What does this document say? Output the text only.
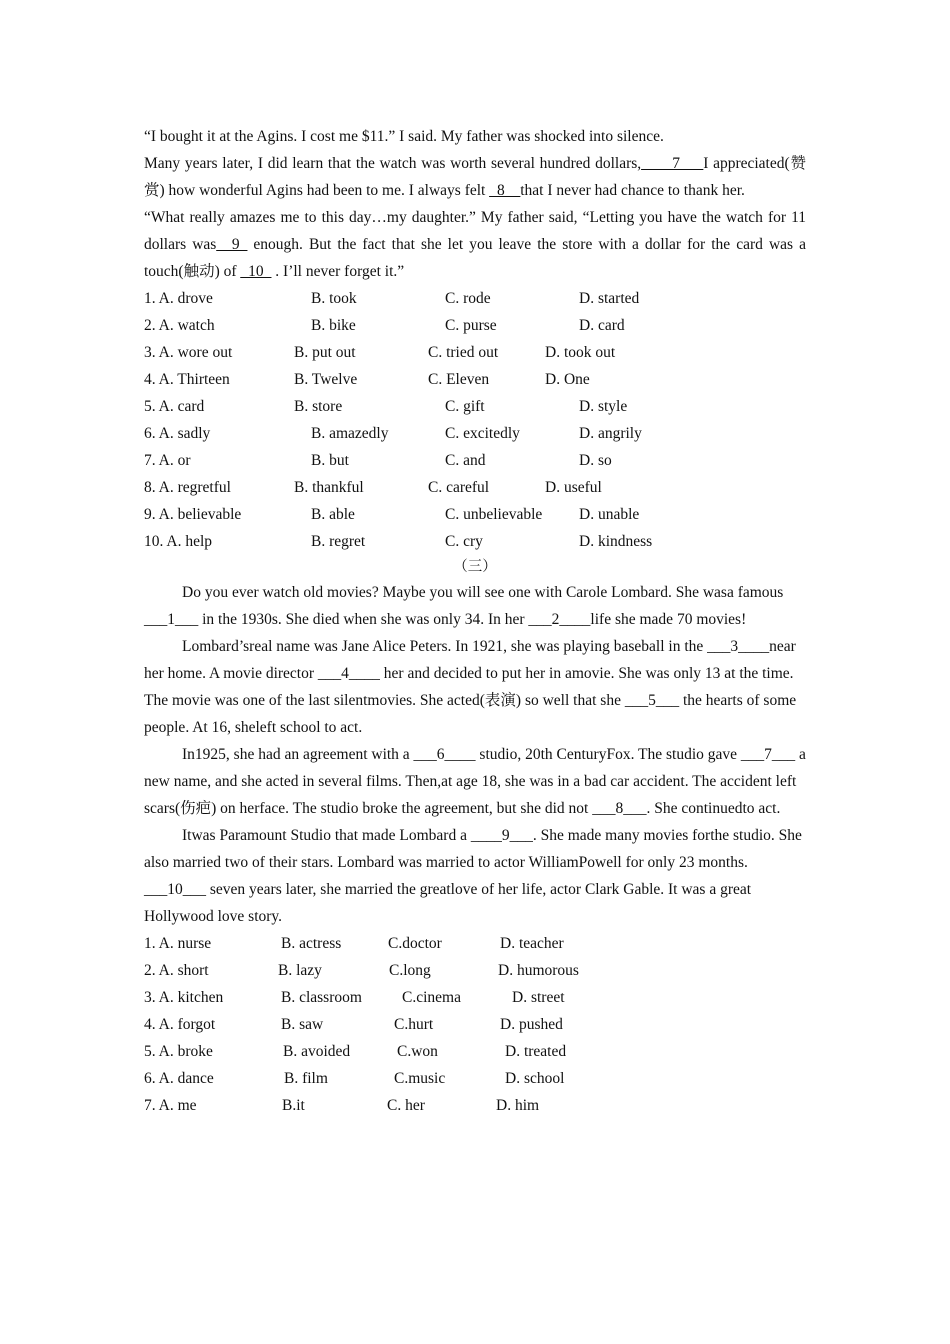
“I bought it at the Agins. I cost me $11.” I said. My father was shocked into silence.

Many years later, I did learn that the watch was worth several hundred dollars,____7___I appreciated(赞赏) how wonderful Agins had been to me. I always felt _8__that I never had chance to thank her.

“What really amazes me to this day…my daughter.” My father said, “Letting you have the watch for 11 dollars was__9_ enough. But the fact that she let you leave the store with a dollar for the card was a touch(触动) of _10_ . I’ll never forget it.”

1. A. drove	B. took	C. rode	D. started
2. A. watch	B. bike	C. purse	D. card
3. A. wore out	B. put out	C. tried out	D. took out
4. A. Thirteen	B. Twelve	C. Eleven	D. One
5. A. card	B. store	C. gift	D. style
6. A. sadly	B. amazedly	C. excitedly	D. angrily
7. A. or	B. but	C. and	D. so
8. A. regretful	B. thankful	C. careful	D. useful
9. A. believable	B. able	C. unbelievable	D. unable
10. A. help	B. regret	C. cry	D. kindness

（三）

Do you ever watch old movies? Maybe you will see one with Carole Lombard. She wasa famous ___1___ in the 1930s. She died when she was only 34. In her ___2____life she made 70 movies!

Lombard’sreal name was Jane Alice Peters. In 1921, she was playing baseball in the ___3____near her home. A movie director ___4____ her and decided to put her in amovie. She was only 13 at the time. The movie was one of the last silentmovies. She acted(表演) so well that she ___5___ the hearts of some people. At 16, sheleft school to act.

In1925, she had an agreement with a ___6____ studio, 20th CenturyFox. The studio gave ___7___ a new name, and she acted in several films. Then,at age 18, she was in a bad car accident. The accident left scars(伤疤) on herface. The studio broke the agreement, but she did not ___8___. She continuedto act.

Itwas Paramount Studio that made Lombard a ____9___. She made many movies forthe studio. She also married two of their stars. Lombard was married to actor WilliamPowell for only 23 months. ___10___ seven years later, she married the greatlove of her life, actor Clark Gable. It was a great Hollywood love story.

1. A. nurse	B. actress	C.doctor	D. teacher
2. A. short	B. lazy	C.long	D. humorous
3. A. kitchen	B. classroom	C.cinema	D. street
4. A. forgot	B. saw	C.hurt	D. pushed
5. A. broke	B. avoided	C.won	D. treated
6. A. dance	B. film	C.music	D. school
7. A. me	B.it	C. her	D. him
